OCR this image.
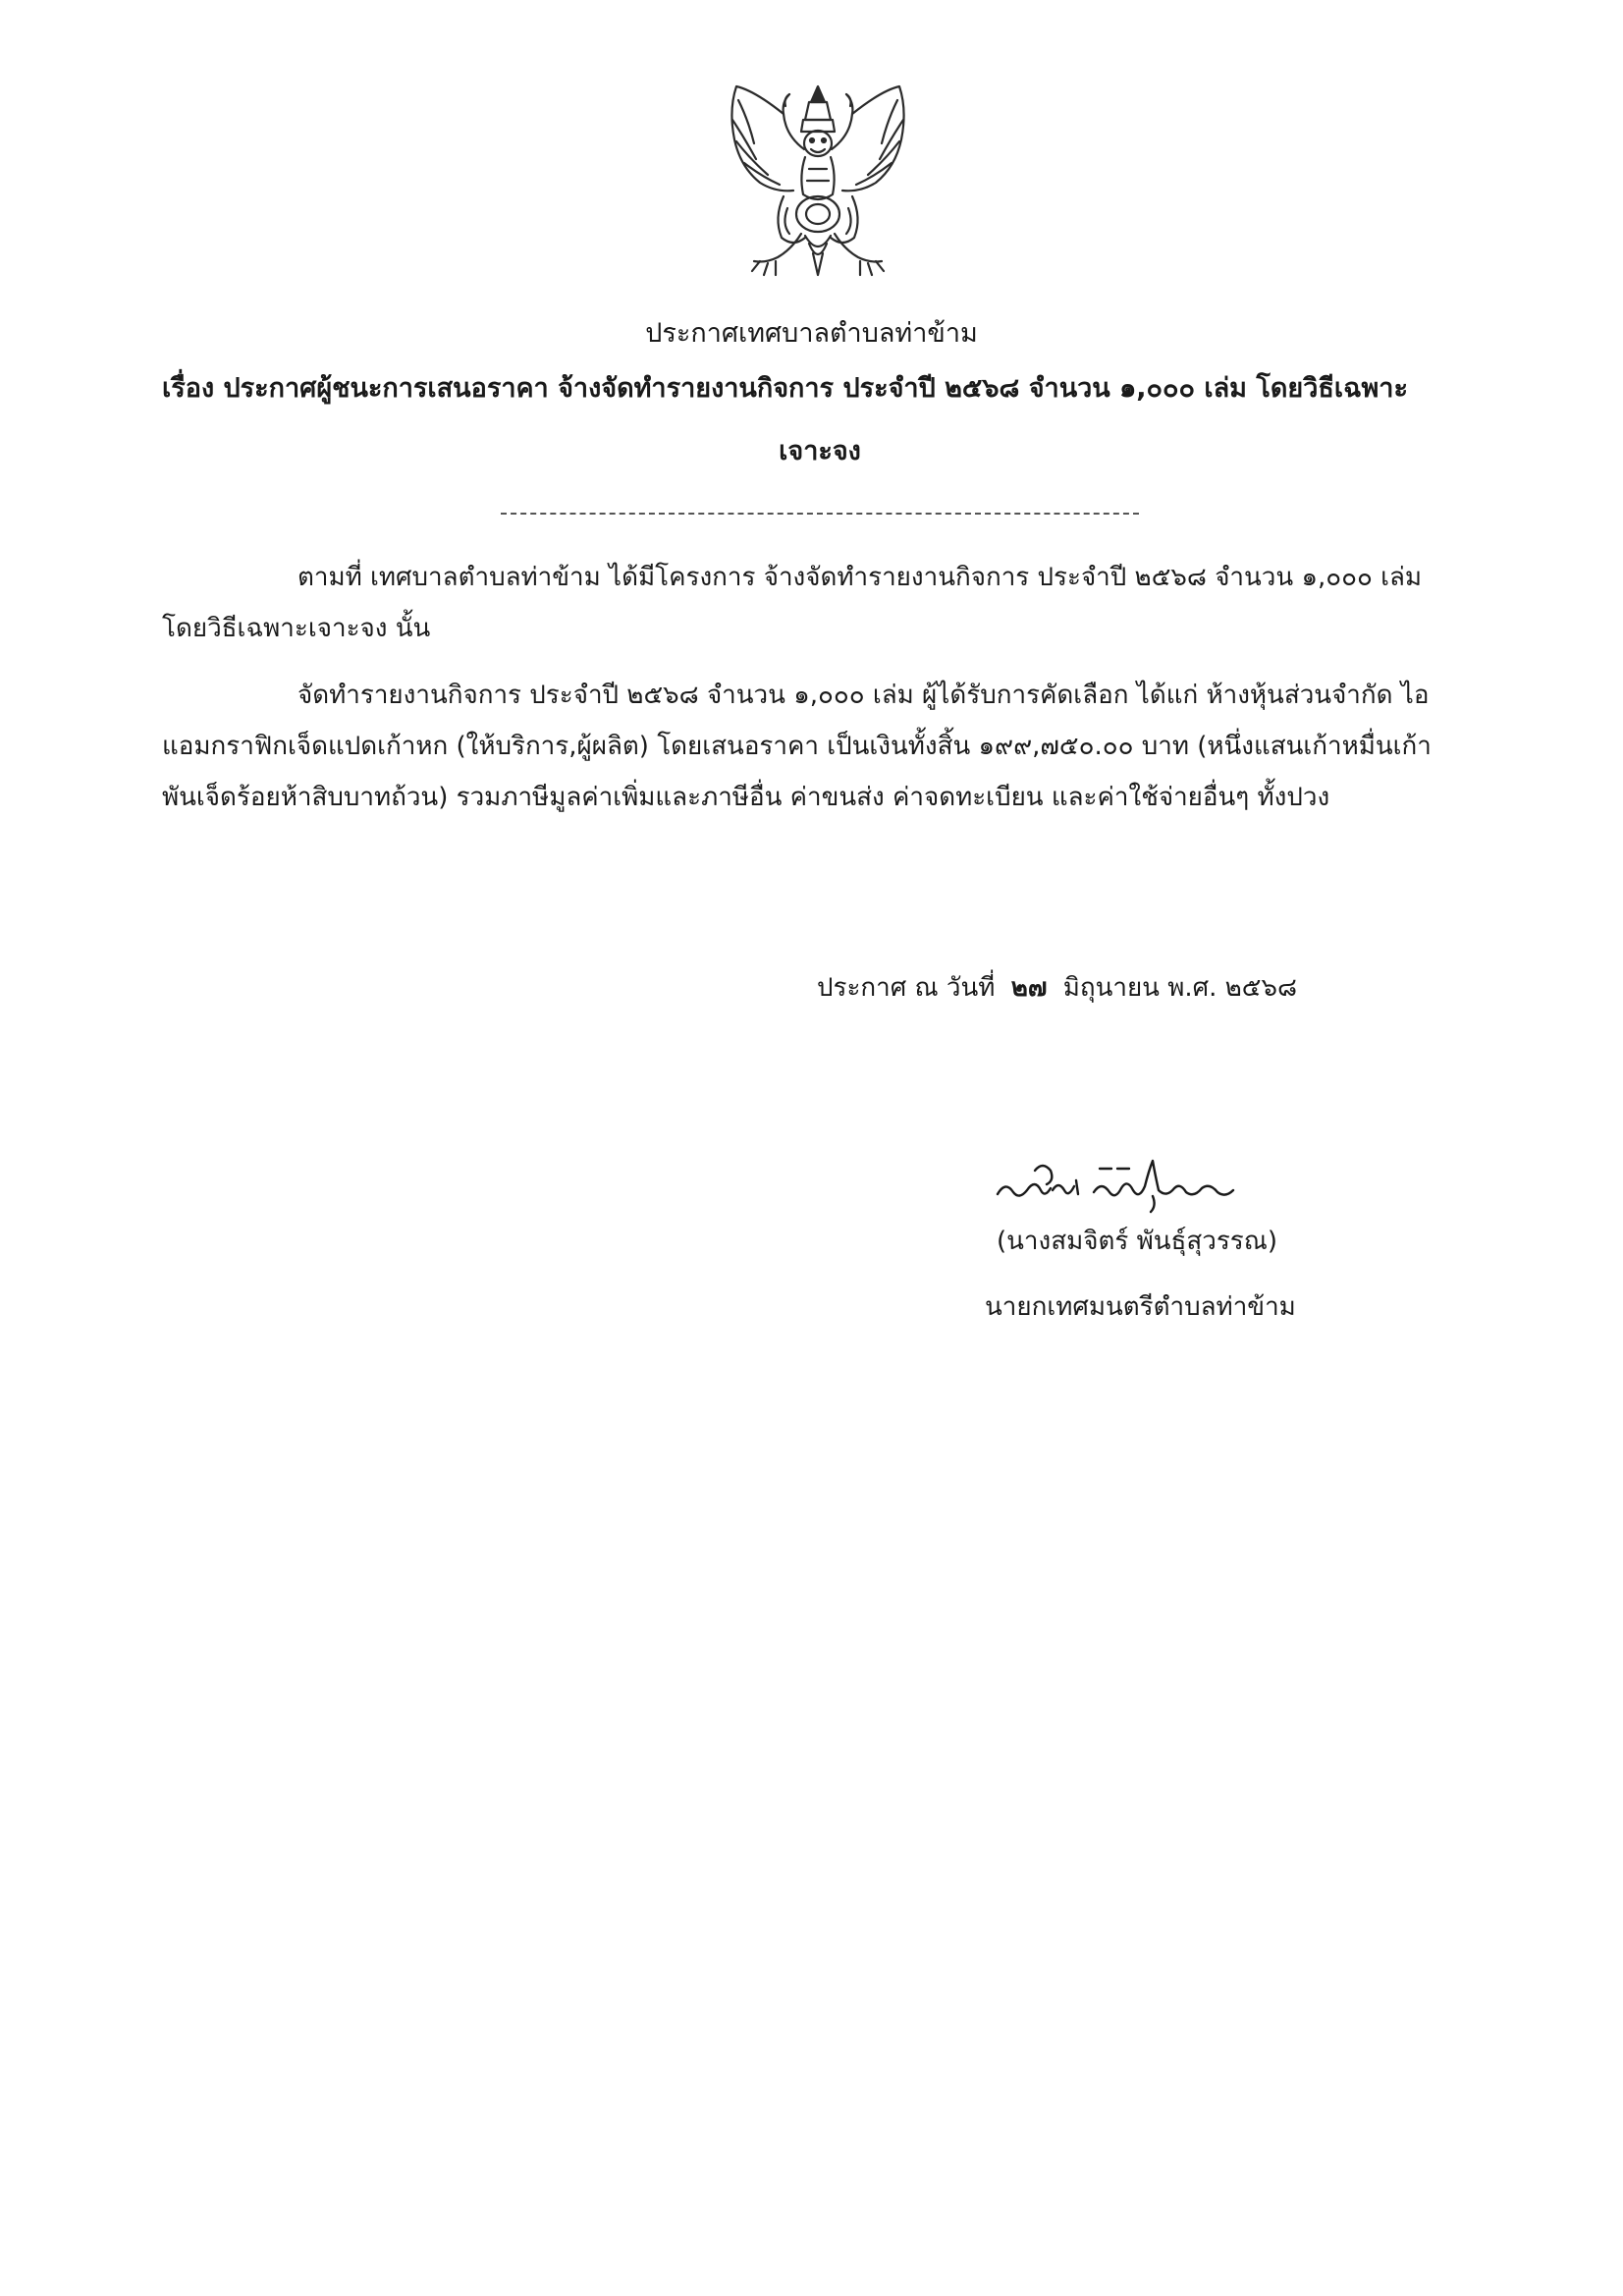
ประกาศเทศบาลตำบลท่าข้าม
เรื่อง ประกาศผู้ชนะการเสนอราคา จ้างจัดทำรายงานกิจการ ประจำปี ๒๕๖๘ จำนวน ๑,๐๐๐ เล่ม โดยวิธีเฉพาะ
เจาะจง
ตามที่ เทศบาลตำบลท่าข้าม ได้มีโครงการ จ้างจัดทำรายงานกิจการ ประจำปี ๒๕๖๘ จำนวน ๑,๐๐๐ เล่ม โดยวิธีเฉพาะเจาะจง นั้น
จัดทำรายงานกิจการ ประจำปี ๒๕๖๘ จำนวน ๑,๐๐๐ เล่ม ผู้ได้รับการคัดเลือก ได้แก่ ห้างหุ้นส่วนจำกัด ไอแอมกราฟิกเจ็ดแปดเก้าหก (ให้บริการ,ผู้ผลิต) โดยเสนอราคา เป็นเงินทั้งสิ้น ๑๙๙,๗๕๐.๐๐ บาท (หนึ่งแสนเก้าหมื่นเก้าพันเจ็ดร้อยห้าสิบบาทถ้วน) รวมภาษีมูลค่าเพิ่มและภาษีอื่น ค่าขนส่ง ค่าจดทะเบียน และค่าใช้จ่ายอื่นๆ ทั้งปวง
ประกาศ ณ วันที่ ๒๗ มิถุนายน พ.ศ. ๒๕๖๘
(นางสมจิตร์ พันธุ์สุวรรณ)
นายกเทศมนตรีตำบลท่าข้าม
